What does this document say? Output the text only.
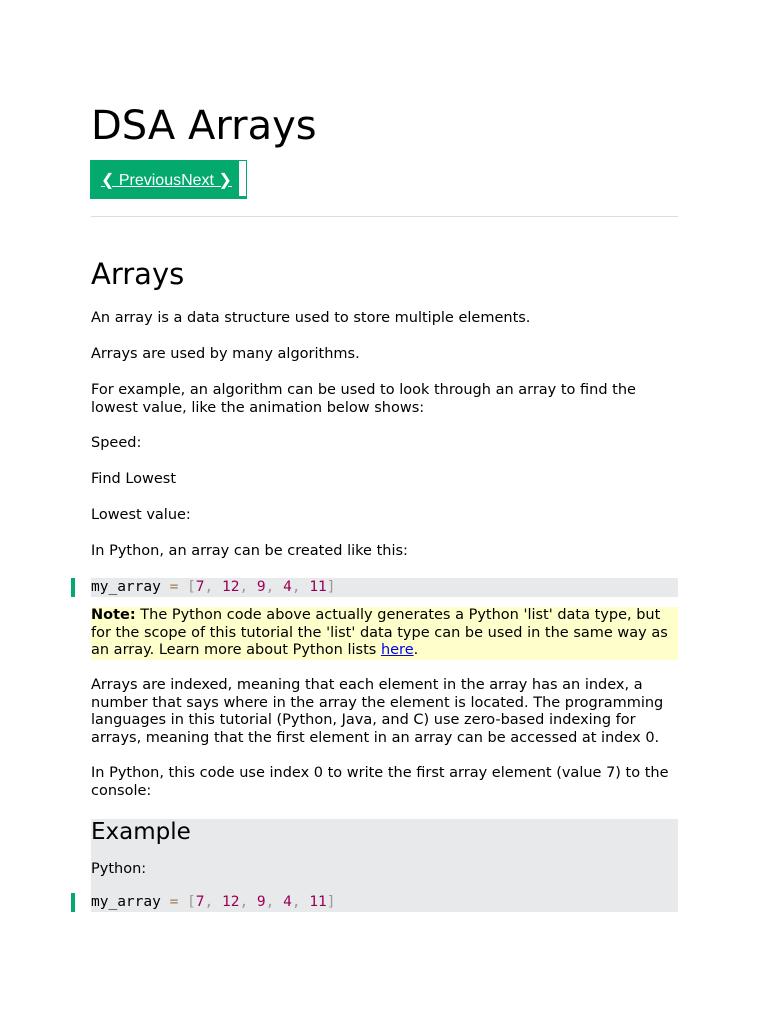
DSA Arrays
❮ PreviousNext ❯
Arrays

An array is a data structure used to store multiple elements.

Arrays are used by many algorithms.

For example, an algorithm can be used to look through an array to find the lowest value, like the animation below shows:

Speed:

Find Lowest

Lowest value:

In Python, an array can be created like this:

my_array = [7, 12, 9, 4, 11]
Note: The Python code above actually generates a Python 'list' data type, but for the scope of this tutorial the 'list' data type can be used in the same way as an array. Learn more about Python lists here.

Arrays are indexed, meaning that each element in the array has an index, a number that says where in the array the element is located. The programming languages in this tutorial (Python, Java, and C) use zero-based indexing for arrays, meaning that the first element in an array can be accessed at index 0.

In Python, this code use index 0 to write the first array element (value 7) to the console:

Example
Python:
my_array = [7, 12, 9, 4, 11]
